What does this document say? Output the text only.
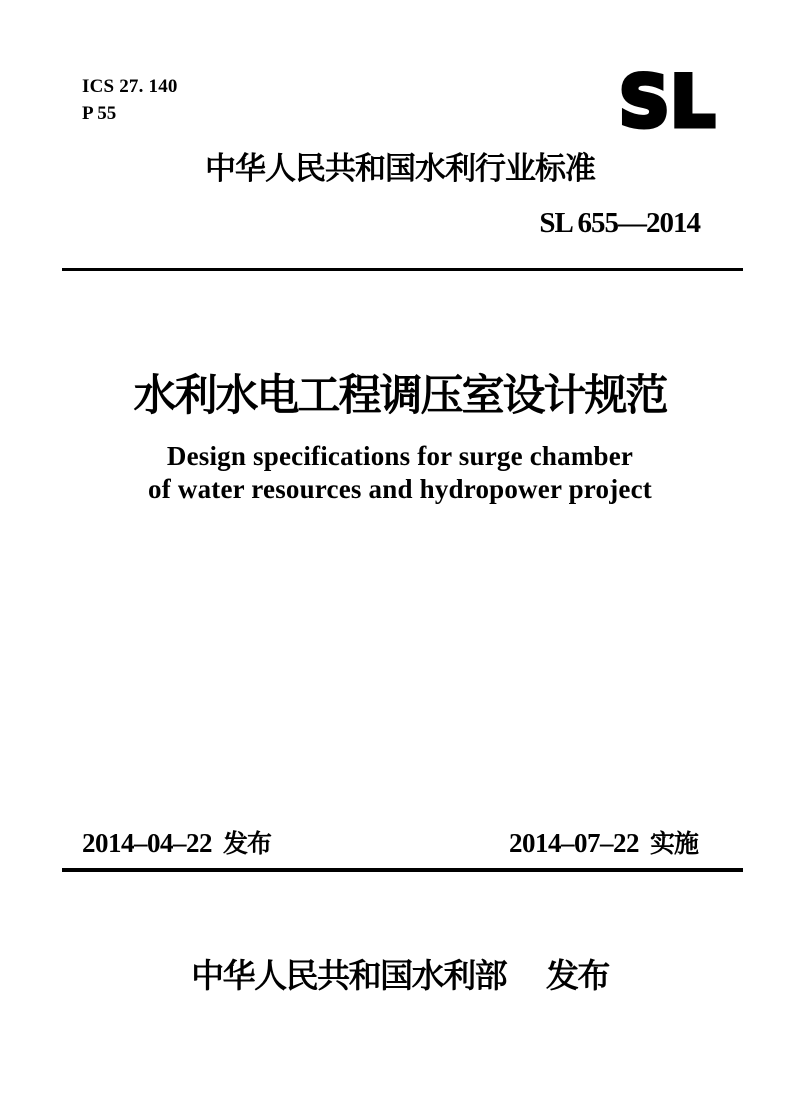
ICS 27. 140
P 55	SL
中华人民共和国水利行业标准
SL 655—2014
水利水电工程调压室设计规范
Design specifications for surge chamber
of water resources and hydropower project
2014–04–22 发布	2014–07–22 实施
中华人民共和国水利部 发布
